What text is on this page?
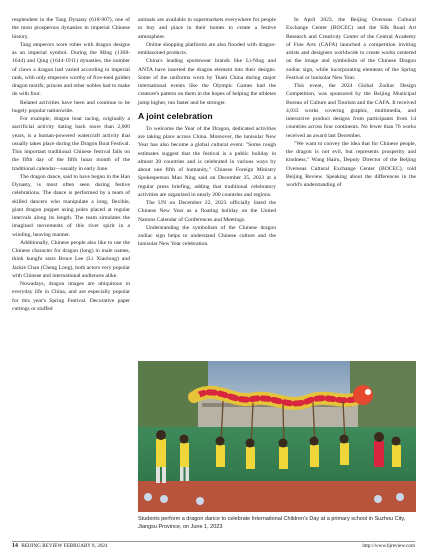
resplendent in the Tang Dynasty (618-907), one of the most prosperous dynasties in imperial Chinese history.

Tang emperors wore robes with dragon designs as an imperial symbol. During the Ming (1368-1644) and Qing (1644-1911) dynasties, the number of claws a dragon had varied according to imperial rank, with only emperors worthy of five-toed golden dragon motifs; princes and other nobles had to make do with four.

Related activities have been and continue to be hugely popular nationwide.

For example, dragon boat racing, originally a sacrificial activity dating back more than 2,000 years, is a human-powered watercraft activity that usually takes place during the Dragon Boat Festival. This important traditional Chinese festival falls on the fifth day of the fifth lunar month of the traditional calendar—usually in early June.

The dragon dance, said to have begun in the Han Dynasty, is most often seen during festive celebrations. The dance is performed by a team of skilled dancers who manipulate a long, flexible, giant dragon puppet using poles placed at regular intervals along its length. The team simulates the imagined movements of this river spirit in a winding, heaving manner.

Additionally, Chinese people also like to use the Chinese character for dragon (long) in male names, think kungfu stars Bruce Lee (Li Xiaolong) and Jackie Chan (Cheng Long), both actors very popular with Chinese and international audiences alike.

Nowadays, dragon images are ubiquitous in everyday life in China, and are especially popular for this year's Spring Festival. Decorative paper cuttings or stuffed

animals are available in supermarkets everywhere for people to buy and place in their homes to create a festive atmosphere.

Online shopping platforms are also flooded with dragon-emblazoned products.

China's leading sportswear brands like Li-Ning and ANTA have inserted the dragon element into their designs. Some of the uniforms worn by Team China during major international events like the Olympic Games had the creature's pattern on them in the hopes of helping the athletes jump higher, run faster and be stronger.

A joint celebration

To welcome the Year of the Dragon, dedicated activities are taking place across China. Moreover, the lunisolar New Year has also become a global cultural event. "Some rough estimates suggest that the festival is a public holiday in almost 20 countries and is celebrated in various ways by about one fifth of humanity," Chinese Foreign Ministry Spokesperson Mao Ning said on December 25, 2023 at a regular press briefing, adding that traditional celebratory activities are organized in nearly 200 countries and regions.

The UN on December 22, 2023 officially listed the Chinese New Year as a floating holiday on the United Nations Calendar of Conferences and Meetings.

Understanding the symbolism of the Chinese dragon zodiac sign helps to understand Chinese culture and the lunisolar New Year celebration.

In April 2023, the Beijing Overseas Cultural Exchange Center (BOCEC) and the Silk Road Art Research and Creativity Center of the Central Academy of Fine Arts (CAFA) launched a competition inviting artists and designers worldwide to create works centered on the image and symbolism of the Chinese Dragon zodiac sign, while incorporating elements of the Spring Festival or lunisolar New Year.

This event, the 2024 Global Zodiac Design Competition, was sponsored by the Beijing Municipal Bureau of Culture and Tourism and the CAFA. It received 4,033 works covering graphic, multimedia, and interactive product designs from participants from 14 countries across four continents. No fewer than 76 works received an award last December.

"We want to convey the idea that for Chinese people, the dragon is not evil, but represents prosperity and kindness," Wang Hairu, Deputy Director of the Beijing Overseas Cultural Exchange Center (BOCEC), told Beijing Review. Speaking about the differences in the world's understanding of

Students perform a dragon dance to celebrate International Children's Day at a primary school in Suzhou City, Jiangsu Province, on June 1, 2023
14 BEIJING REVIEW FEBRUARY 8, 2024	http://www.bjreview.com
